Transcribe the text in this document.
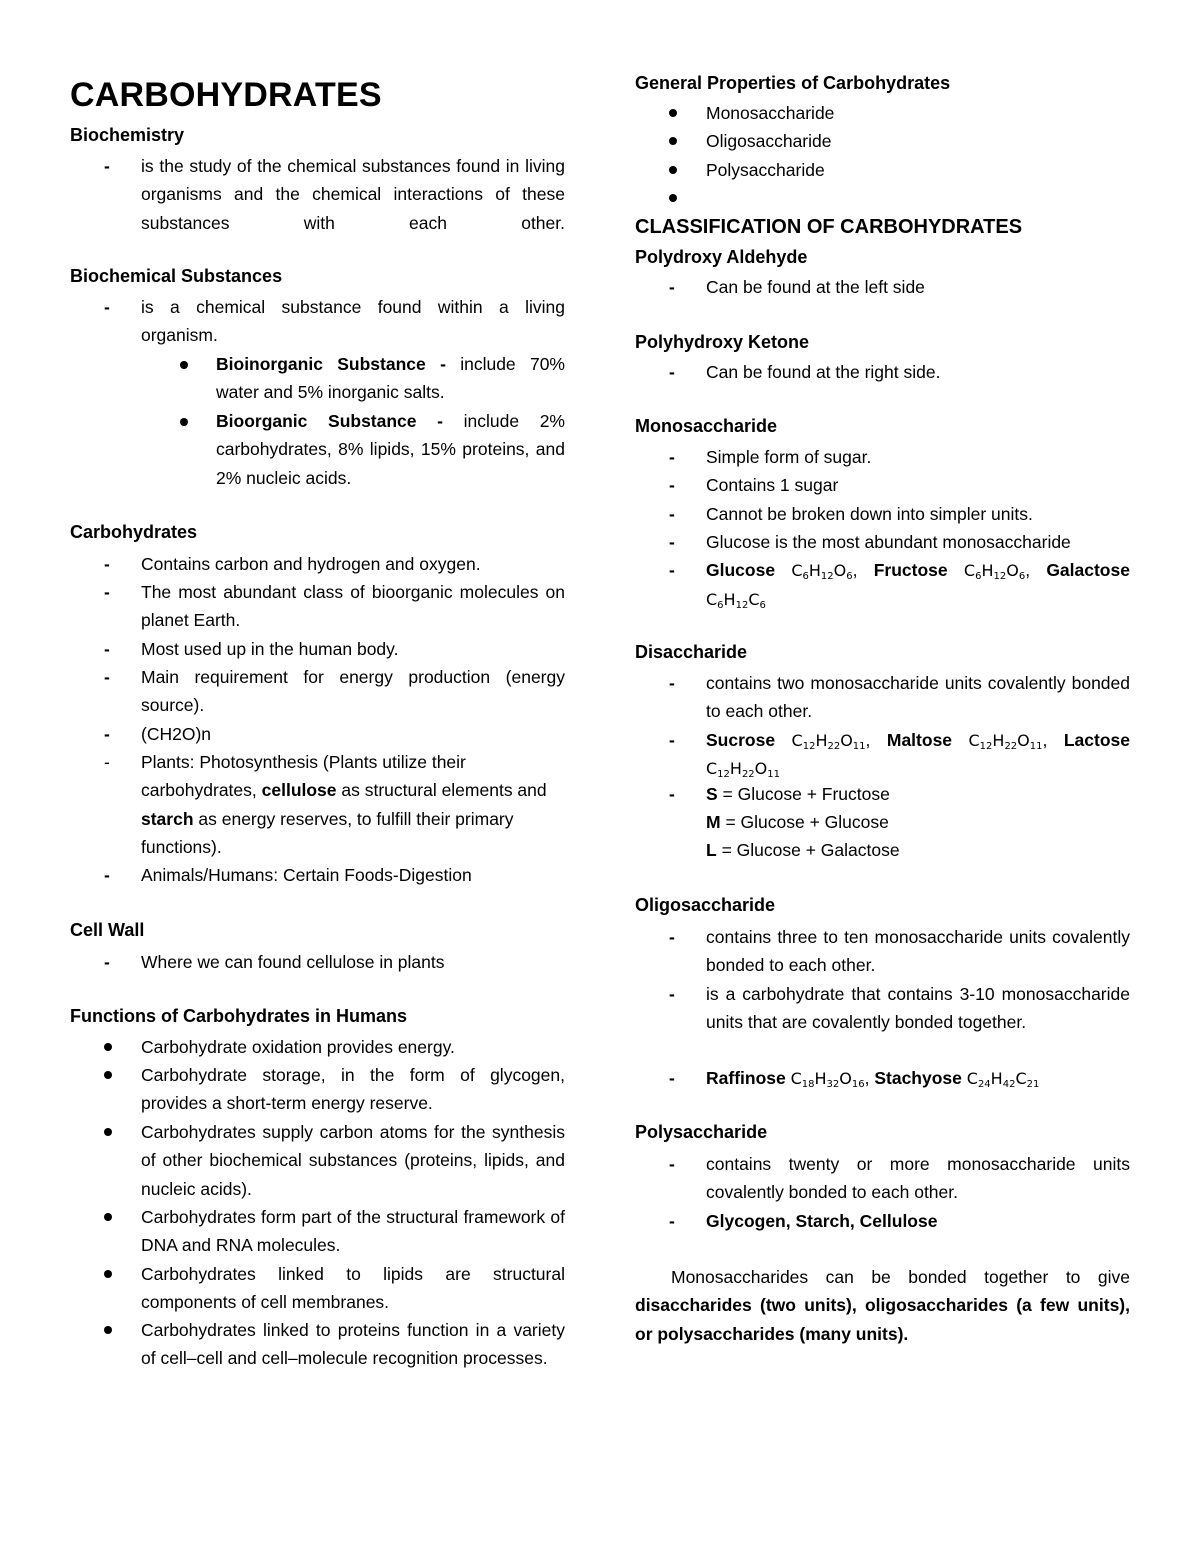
CARBOHYDRATES
Biochemistry
- is the study of the chemical substances found in living organisms and the chemical interactions of these substances with each other.
Biochemical Substances
- is a chemical substance found within a living organism.
Bioinorganic Substance - include 70% water and 5% inorganic salts.
Bioorganic Substance - include 2% carbohydrates, 8% lipids, 15% proteins, and 2% nucleic acids.
Carbohydrates
- Contains carbon and hydrogen and oxygen.
- The most abundant class of bioorganic molecules on planet Earth.
- Most used up in the human body.
- Main requirement for energy production (energy source).
- (CH2O)n
- Plants: Photosynthesis (Plants utilize their carbohydrates, cellulose as structural elements and starch as energy reserves, to fulfill their primary functions).
- Animals/Humans: Certain Foods-Digestion
Cell Wall
- Where we can found cellulose in plants
Functions of Carbohydrates in Humans
Carbohydrate oxidation provides energy.
Carbohydrate storage, in the form of glycogen, provides a short-term energy reserve.
Carbohydrates supply carbon atoms for the synthesis of other biochemical substances (proteins, lipids, and nucleic acids).
Carbohydrates form part of the structural framework of DNA and RNA molecules.
Carbohydrates linked to lipids are structural components of cell membranes.
Carbohydrates linked to proteins function in a variety of cell–cell and cell–molecule recognition processes.
General Properties of Carbohydrates
Monosaccharide
Oligosaccharide
Polysaccharide
CLASSIFICATION OF CARBOHYDRATES
Polydroxy Aldehyde
- Can be found at the left side
Polyhydroxy Ketone
- Can be found at the right side.
Monosaccharide
- Simple form of sugar.
- Contains 1 sugar
- Cannot be broken down into simpler units.
- Glucose is the most abundant monosaccharide
- Glucose $C_6H_{12}O_6$, Fructose $C_6H_{12}O_6$, Galactose
$C_6H_{12}C_6$
Disaccharide
- contains two monosaccharide units covalently bonded to each other.
- Sucrose $C_{12}H_{22}O_{11}$, Maltose $C_{12}H_{22}O_{11}$, Lactose
$C_{12}H_{22}O_{11}$
- S = Glucose + Fructose
M = Glucose + Glucose
L = Glucose + Galactose
Oligosaccharide
- contains three to ten monosaccharide units covalently bonded to each other.
- is a carbohydrate that contains 3-10 monosaccharide units that are covalently bonded together.
- Raffinose $C_{18}H_{32}O_{16}$, Stachyose $C_{24}H_{42}C_{21}$
Polysaccharide
- contains twenty or more monosaccharide units covalently bonded to each other.
- Glycogen, Starch, Cellulose
Monosaccharides can be bonded together to give disaccharides (two units), oligosaccharides (a few units), or polysaccharides (many units).
